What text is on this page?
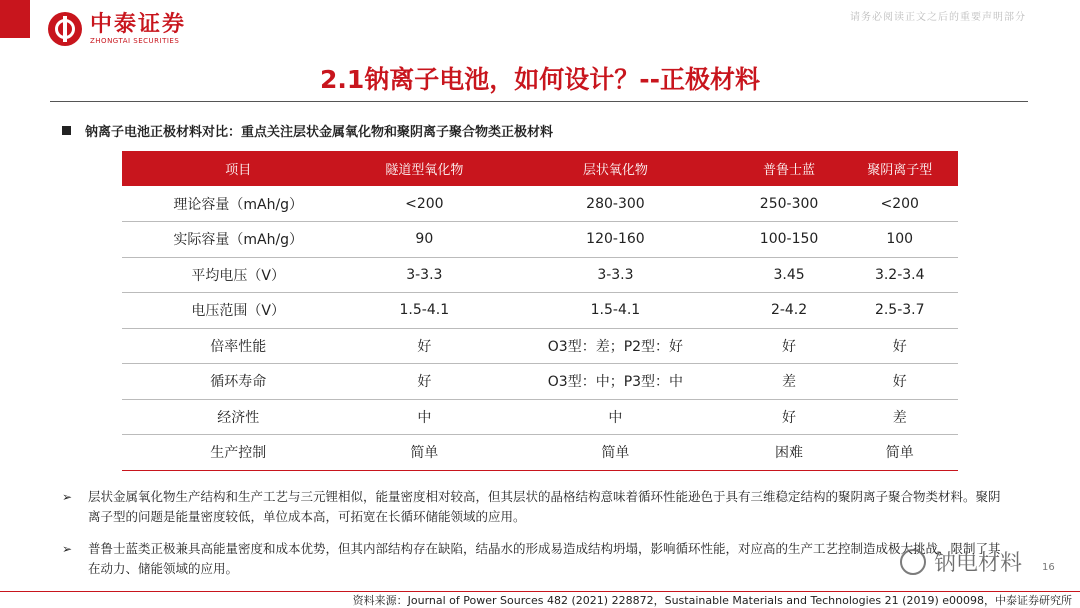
中泰证券
ZHONGTAI SECURITIES
请务必阅读正文之后的重要声明部分
2.1钠离子电池，如何设计？--正极材料
钠离子电池正极材料对比：重点关注层状金属氧化物和聚阴离子聚合物类正极材料
项目	隧道型氧化物	层状氧化物	普鲁士蓝	聚阴离子型
理论容量（mAh/g）	<200	280-300	250-300	<200
实际容量（mAh/g）	90	120-160	100-150	100
平均电压（V）	3-3.3	3-3.3	3.45	3.2-3.4
电压范围（V）	1.5-4.1	1.5-4.1	2-4.2	2.5-3.7
倍率性能	好	O3型：差；P2型：好	好	好
循环寿命	好	O3型：中；P3型：中	差	好
经济性	中	中	好	差
生产控制	简单	简单	困难	简单
➢	层状金属氧化物生产结构和生产工艺与三元锂相似，能量密度相对较高，但其层状的晶格结构意味着循环性能逊色于具有三维稳定结构的聚阴离子聚合物类材料。聚阴离子型的问题是能量密度较低，单位成本高，可拓宽在长循环储能领域的应用。
➢	普鲁士蓝类正极兼具高能量密度和成本优势，但其内部结构存在缺陷，结晶水的形成易造成结构坍塌，影响循环性能，对应高的生产工艺控制造成极大挑战，限制了其在动力、储能领域的应用。	钠电材料 16
资料来源：Journal of Power Sources 482 (2021) 228872，Sustainable Materials and Technologies 21 (2019) e00098，中泰证券研究所
